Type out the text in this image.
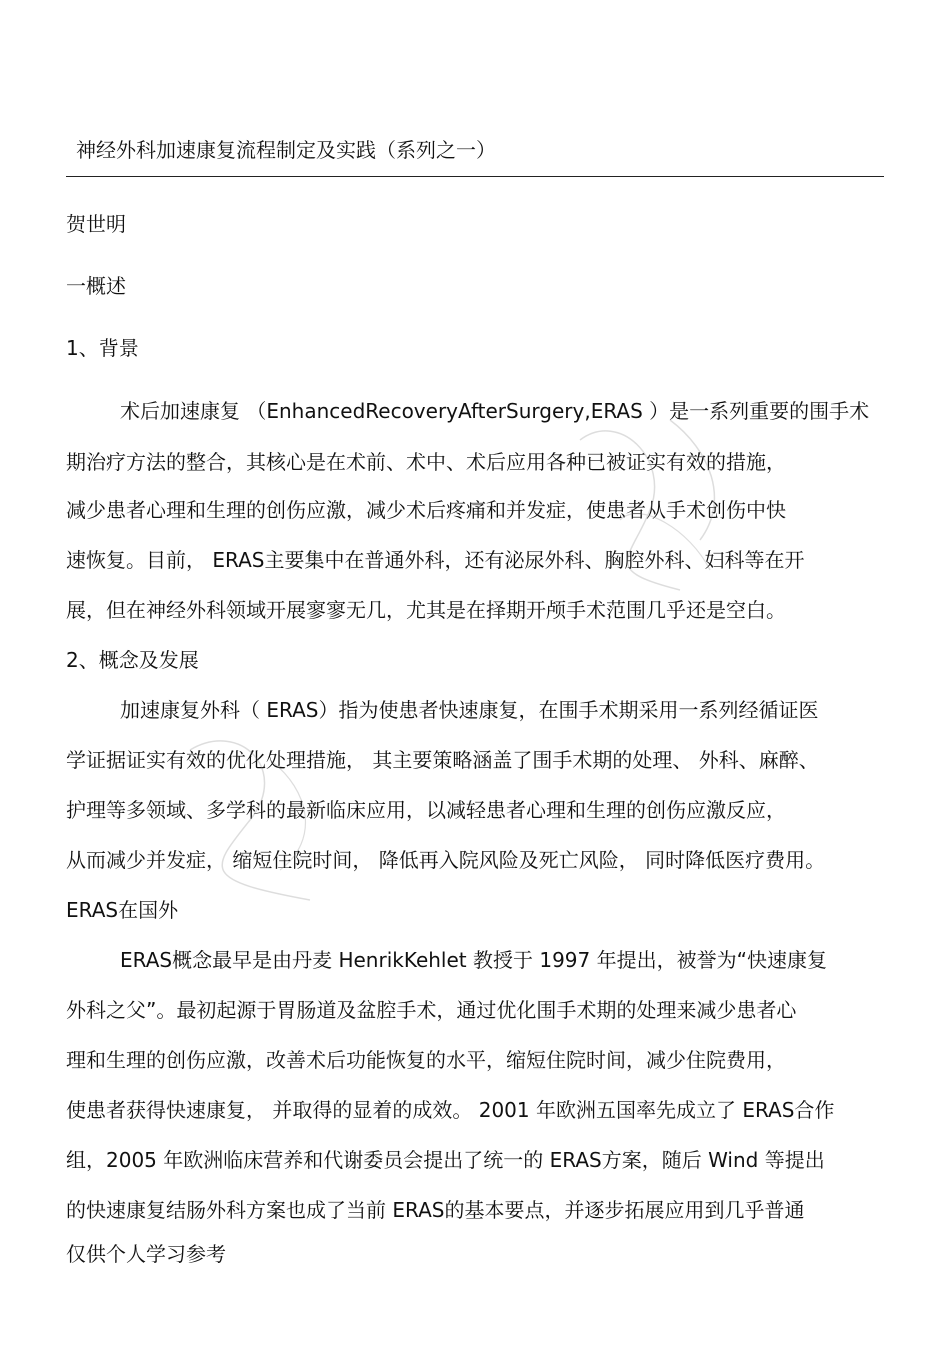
神经外科加速康复流程制定及实践（系列之一）
贺世明
一概述
1、背景
术后加速康复 （EnhancedRecoveryAfterSurgery,ERAS ）是一系列重要的围手术
期治疗方法的整合，其核心是在术前、术中、术后应用各种已被证实有效的措施，
减少患者心理和生理的创伤应激，减少术后疼痛和并发症，使患者从手术创伤中快
速恢复。目前， ERAS主要集中在普通外科，还有泌尿外科、胸腔外科、妇科等在开
展，但在神经外科领域开展寥寥无几，尤其是在择期开颅手术范围几乎还是空白。
2、概念及发展
加速康复外科（ ERAS）指为使患者快速康复，在围手术期采用一系列经循证医
学证据证实有效的优化处理措施， 其主要策略涵盖了围手术期的处理、 外科、麻醉、
护理等多领域、多学科的最新临床应用，以减轻患者心理和生理的创伤应激反应，
从而减少并发症， 缩短住院时间， 降低再入院风险及死亡风险， 同时降低医疗费用。
ERAS在国外
ERAS概念最早是由丹麦 HenrikKehlet 教授于 1997 年提出，被誉为“快速康复
外科之父”。最初起源于胃肠道及盆腔手术，通过优化围手术期的处理来减少患者心
理和生理的创伤应激，改善术后功能恢复的水平，缩短住院时间，减少住院费用，
使患者获得快速康复， 并取得的显着的成效。 2001 年欧洲五国率先成立了 ERAS合作
组，2005 年欧洲临床营养和代谢委员会提出了统一的 ERAS方案，随后 Wind 等提出
的快速康复结肠外科方案也成了当前 ERAS的基本要点，并逐步拓展应用到几乎普通
仅供个人学习参考
